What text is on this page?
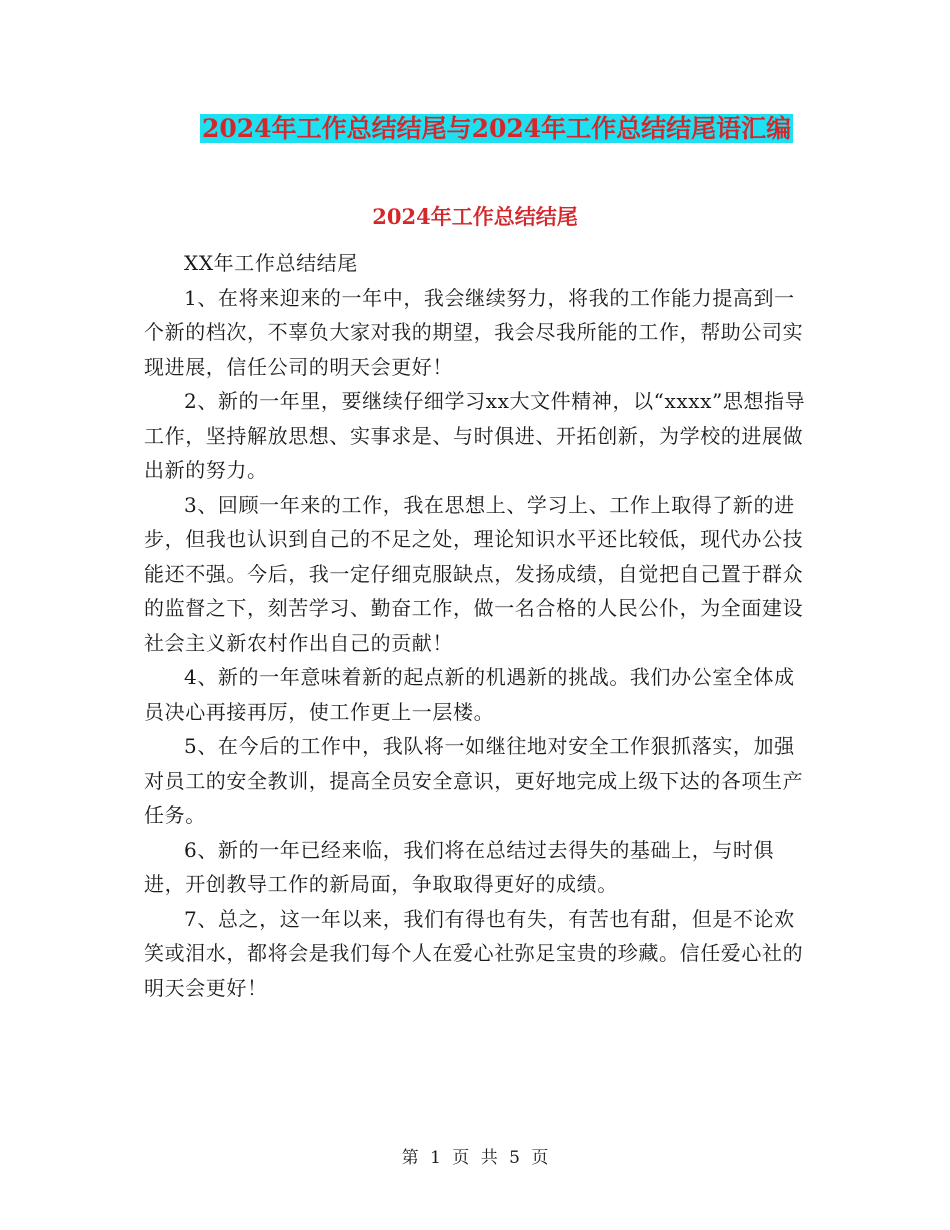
2024年工作总结结尾与2024年工作总结结尾语汇编
2024年工作总结结尾

XX年工作总结结尾

1、在将来迎来的一年中，我会继续努力，将我的工作能力提高到一个新的档次，不辜负大家对我的期望，我会尽我所能的工作，帮助公司实现进展，信任公司的明天会更好！

2、新的一年里，要继续仔细学习xx大文件精神，以“xxxx”思想指导工作，坚持解放思想、实事求是、与时俱进、开拓创新，为学校的进展做出新的努力。

3、回顾一年来的工作，我在思想上、学习上、工作上取得了新的进步，但我也认识到自己的不足之处，理论知识水平还比较低，现代办公技能还不强。今后，我一定仔细克服缺点，发扬成绩，自觉把自己置于群众的监督之下，刻苦学习、勤奋工作，做一名合格的人民公仆，为全面建设社会主义新农村作出自己的贡献！

4、新的一年意味着新的起点新的机遇新的挑战。我们办公室全体成员决心再接再厉，使工作更上一层楼。

5、在今后的工作中，我队将一如继往地对安全工作狠抓落实，加强对员工的安全教训，提高全员安全意识，更好地完成上级下达的各项生产任务。

6、新的一年已经来临，我们将在总结过去得失的基础上，与时俱进，开创教导工作的新局面，争取取得更好的成绩。

7、总之，这一年以来，我们有得也有失，有苦也有甜，但是不论欢笑或泪水，都将会是我们每个人在爱心社弥足宝贵的珍藏。信任爱心社的明天会更好！

第 1 页 共 5 页
